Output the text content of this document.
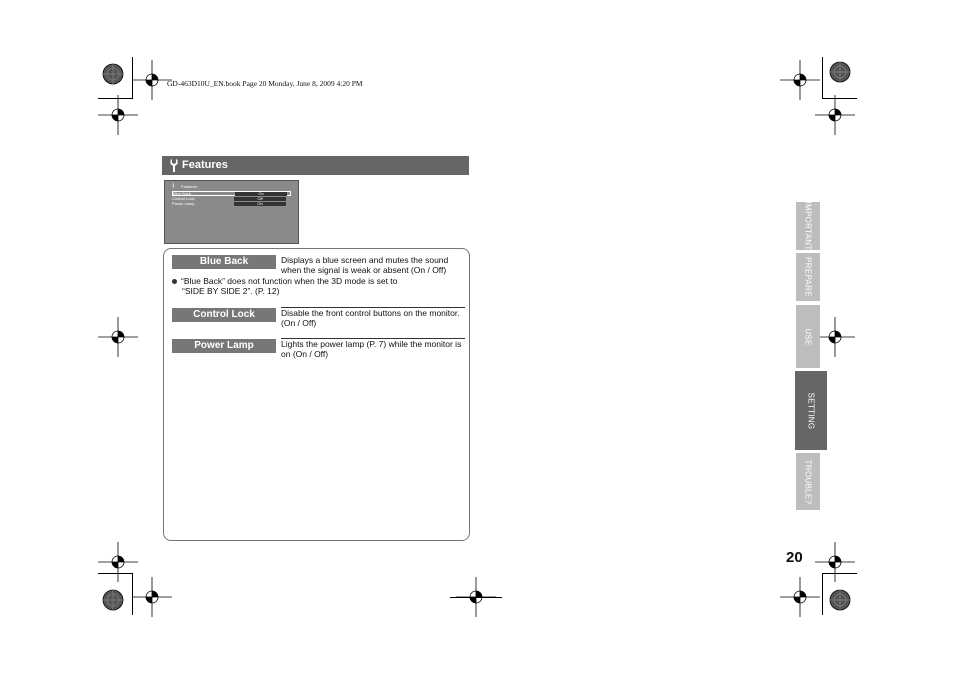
GD-463D10U_EN.book Page 20 Monday, June 8, 2009 4:20 PM
Features
┠ Features
Blue Back	On
Control Lock	Off
Power Lamp	On
Blue Back	Displays a blue screen and mutes the sound when the signal is weak or absent (On / Off)
“Blue Back” does not function when the 3D mode is set to
“SIDE BY SIDE 2”. (P. 12)
Control Lock	Disable the front control buttons on the monitor. (On / Off)
Power Lamp	Lights the power lamp (P. 7) while the monitor is on (On / Off)
IMPORTANT
PREPARE
USE
SETTING
TROUBLE?
20
